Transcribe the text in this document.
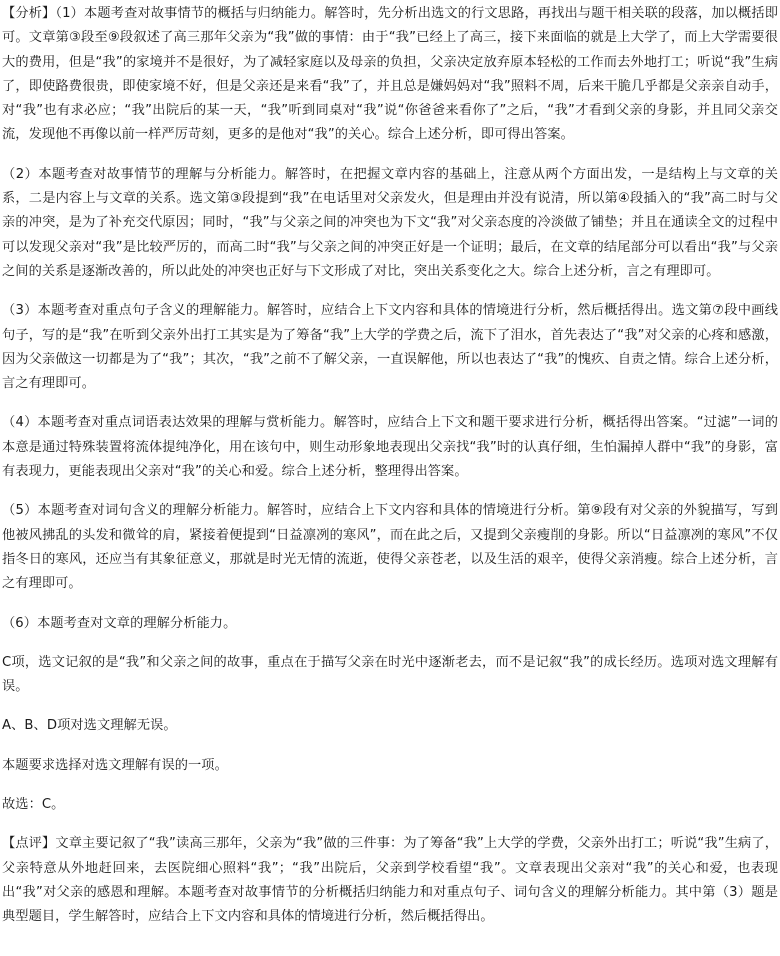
【分析】（1）本题考查对故事情节的概括与归纳能力。解答时，先分析出选文的行文思路，再找出与题干相关联的段落，加以概括即可。文章第③段至⑨段叙述了高三那年父亲为“我”做的事情：由于“我”已经上了高三，接下来面临的就是上大学了，而上大学需要很大的费用，但是“我”的家境并不是很好，为了减轻家庭以及母亲的负担，父亲决定放弃原本轻松的工作而去外地打工；听说“我”生病了，即使路费很贵，即使家境不好，但是父亲还是来看“我”了，并且总是嫌妈妈对“我”照料不周，后来干脆几乎都是父亲亲自动手，对“我”也有求必应；“我”出院后的某一天，“我”听到同桌对“我”说“你爸爸来看你了”之后，“我”才看到父亲的身影，并且同父亲交流，发现他不再像以前一样严厉苛刻，更多的是他对“我”的关心。综合上述分析，即可得出答案。

（2）本题考查对故事情节的理解与分析能力。解答时，在把握文章内容的基础上，注意从两个方面出发，一是结构上与文章的关系，二是内容上与文章的关系。选文第③段提到“我”在电话里对父亲发火，但是理由并没有说清，所以第④段插入的“我”高二时与父亲的冲突，是为了补充交代原因；同时，“我”与父亲之间的冲突也为下文“我”对父亲态度的冷淡做了铺垫；并且在通读全文的过程中可以发现父亲对“我”是比较严厉的，而高二时“我”与父亲之间的冲突正好是一个证明；最后，在文章的结尾部分可以看出“我”与父亲之间的关系是逐渐改善的，所以此处的冲突也正好与下文形成了对比，突出关系变化之大。综合上述分析，言之有理即可。

（3）本题考查对重点句子含义的理解能力。解答时，应结合上下文内容和具体的情境进行分析，然后概括得出。选文第⑦段中画线句子，写的是“我”在听到父亲外出打工其实是为了筹备“我”上大学的学费之后，流下了泪水，首先表达了“我”对父亲的心疼和感激，因为父亲做这一切都是为了“我”；其次，“我”之前不了解父亲，一直误解他，所以也表达了“我”的愧疚、自责之情。综合上述分析，言之有理即可。

（4）本题考查对重点词语表达效果的理解与赏析能力。解答时，应结合上下文和题干要求进行分析，概括得出答案。“过滤”一词的本意是通过特殊装置将流体提纯净化，用在该句中，则生动形象地表现出父亲找“我”时的认真仔细，生怕漏掉人群中“我”的身影，富有表现力，更能表现出父亲对“我”的关心和爱。综合上述分析，整理得出答案。

（5）本题考查对词句含义的理解分析能力。解答时，应结合上下文内容和具体的情境进行分析。第⑨段有对父亲的外貌描写，写到他被风拂乱的头发和微耸的肩，紧接着便提到“日益凛冽的寒风”，而在此之后，又提到父亲瘦削的身影。所以“日益凛冽的寒风”不仅指冬日的寒风，还应当有其象征意义，那就是时光无情的流逝，使得父亲苍老，以及生活的艰辛，使得父亲消瘦。综合上述分析，言之有理即可。

（6）本题考查对文章的理解分析能力。

C项，选文记叙的是“我”和父亲之间的故事，重点在于描写父亲在时光中逐渐老去，而不是记叙“我”的成长经历。选项对选文理解有误。

A、B、D项对选文理解无误。

本题要求选择对选文理解有误的一项。

故选：C。

【点评】文章主要记叙了“我”读高三那年，父亲为“我”做的三件事：为了筹备“我”上大学的学费，父亲外出打工；听说“我”生病了，父亲特意从外地赶回来，去医院细心照料“我”；“我”出院后，父亲到学校看望“我”。文章表现出父亲对“我”的关心和爱，也表现出“我”对父亲的感恩和理解。本题考查对故事情节的分析概括归纳能力和对重点句子、词句含义的理解分析能力。其中第（3）题是典型题目，学生解答时，应结合上下文内容和具体的情境进行分析，然后概括得出。
